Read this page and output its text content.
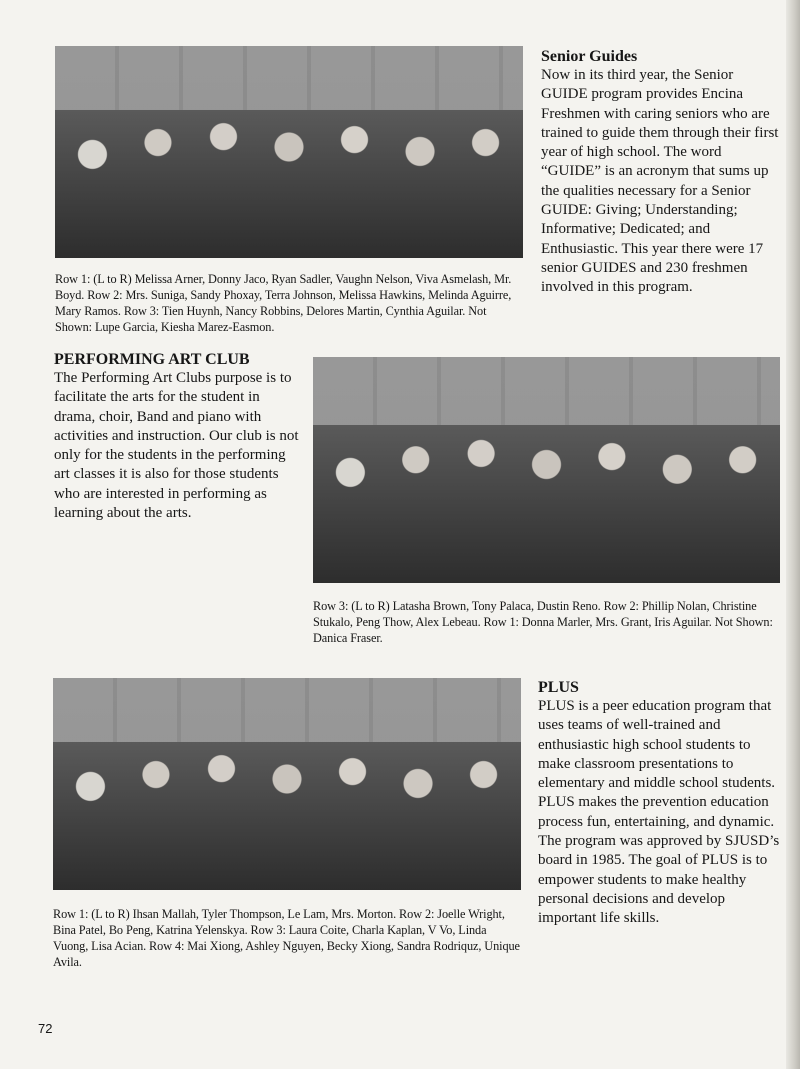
Row 1: (L to R) Melissa Arner, Donny Jaco, Ryan Sadler, Vaughn Nelson, Viva Asmelash, Mr. Boyd. Row 2: Mrs. Suniga, Sandy Phoxay, Terra Johnson, Melissa Hawkins, Melinda Aguirre, Mary Ramos. Row 3: Tien Huynh, Nancy Robbins, Delores Martin, Cynthia Aguilar. Not Shown: Lupe Garcia, Kiesha Marez-Easmon.

Senior Guides

Now in its third year, the Senior GUIDE program provides Encina Freshmen with caring seniors who are trained to guide them through their first year of high school. The word “GUIDE” is an acronym that sums up the qualities necessary for a Senior GUIDE: Giving; Understanding; Informative; Dedicated; and Enthusiastic. This year there were 17 senior GUIDES and 230 freshmen involved in this program.

PERFORMING ART CLUB

The Performing Art Clubs purpose is to facilitate the arts for the student in drama, choir, Band and piano with activities and instruction. Our club is not only for the students in the performing art classes it is also for those students who are interested in performing as learning about the arts.

Row 3: (L to R) Latasha Brown, Tony Palaca, Dustin Reno. Row 2: Phillip Nolan, Christine Stukalo, Peng Thow, Alex Lebeau. Row 1: Donna Marler, Mrs. Grant, Iris Aguilar. Not Shown: Danica Fraser.

Row 1: (L to R) Ihsan Mallah, Tyler Thompson, Le Lam, Mrs. Morton. Row 2: Joelle Wright, Bina Patel, Bo Peng, Katrina Yelenskya. Row 3: Laura Coite, Charla Kaplan, V Vo, Linda Vuong, Lisa Acian. Row 4: Mai Xiong, Ashley Nguyen, Becky Xiong, Sandra Rodriquz, Unique Avila.

PLUS

PLUS is a peer education program that uses teams of well-trained and enthusiastic high school students to make classroom presentations to elementary and middle school students. PLUS makes the prevention education process fun, entertaining, and dynamic. The program was approved by SJUSD’s board in 1985. The goal of PLUS is to empower students to make healthy personal decisions and develop important life skills.

72
